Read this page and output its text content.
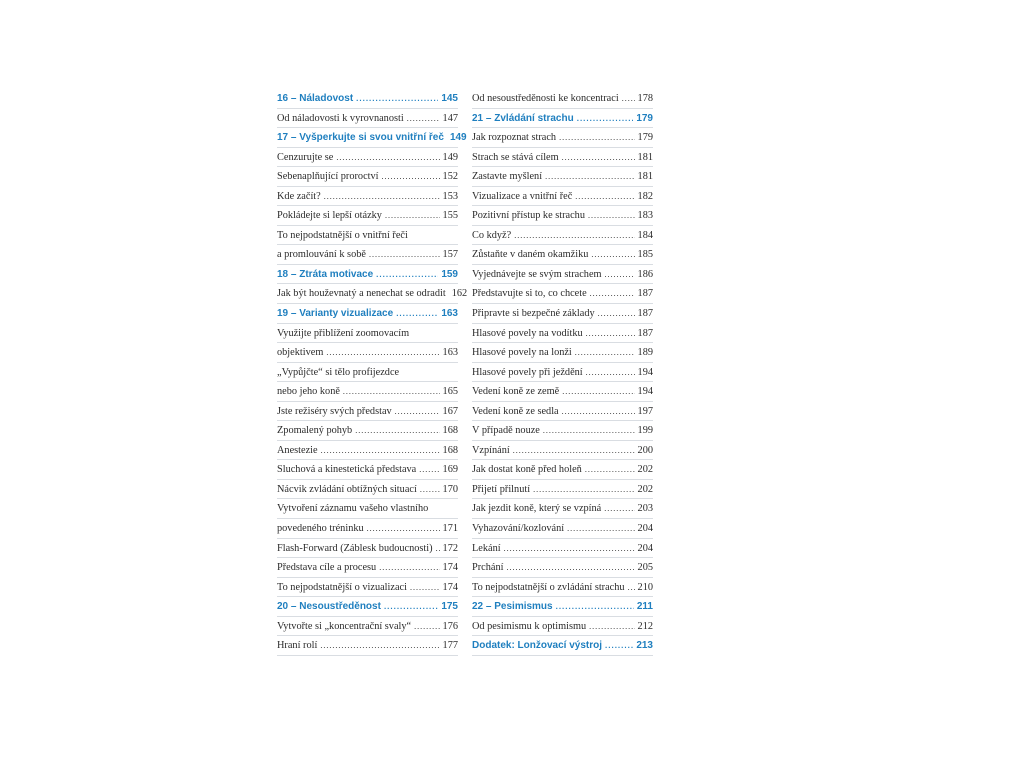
16 – Náladovost .....	145
Od náladovosti k vyrovnanosti .....	147
17 – Vyšperkujte si svou vnitřní řeč 149
Cenzurujte se .....	149
Sebenaplňující proroctví .....	152
Kde začít? .....	153
Pokládejte si lepší otázky .....	155
To nejpodstatnější o vnitřní řeči
a promlouvání k sobě .....	157
18 – Ztráta motivace .....	159
Jak být houževnatý a nenechat se odradit 162
19 – Varianty vizualizace .....	163
Využijte přiblížení zoomovacím
objektivem .....	163
„Vypůjčte“ si tělo profijezdce
nebo jeho koně .....	165
Jste režiséry svých představ .....	167
Zpomalený pohyb .....	168
Anestezie .....	168
Sluchová a kinestetická představa .....	169
Nácvik zvládání obtížných situací ..... 170
Vytvoření záznamu vašeho vlastního
povedeného tréninku .....	171
Flash-Forward (Záblesk budoucnosti) ..... 172
Představa cíle a procesu .....	174
To nejpodstatnější o vizualizaci .....	174
20 – Nesoustředěnost .....	175
Vytvořte si „koncentrační svaly“ .....	176
Hraní rolí .....	177
Od nesoustředěnosti ke koncentraci ..... 178
21 – Zvládání strachu .....	179
Jak rozpoznat strach .....	179
Strach se stává cílem .....	181
Zastavte myšlení .....	181
Vizualizace a vnitřní řeč .....	182
Pozitivní přístup ke strachu .....	183
Co když? .....	184
Zůstaňte v daném okamžiku .....	185
Vyjednávejte se svým strachem .....	186
Představujte si to, co chcete .....	187
Připravte si bezpečné základy .....	187
Hlasové povely na vodítku .....	187
Hlasové povely na lonži .....	189
Hlasové povely při ježdění .....	194
Vedení koně ze země .....	194
Vedení koně ze sedla .....	197
V případě nouze .....	199
Vzpínání .....	200
Jak dostat koně před holeň .....	202
Přijetí přilnutí .....	202
Jak jezdit koně, který se vzpíná .....	203
Vyhazování/kozlování .....	204
Lekání .....	204
Prchání .....	205
To nejpodstatnější o zvládání strachu ..... 210
22 – Pesimismus .....	211
Od pesimismu k optimismu .....	212
Dodatek: Lonžovací výstroj .....	213
